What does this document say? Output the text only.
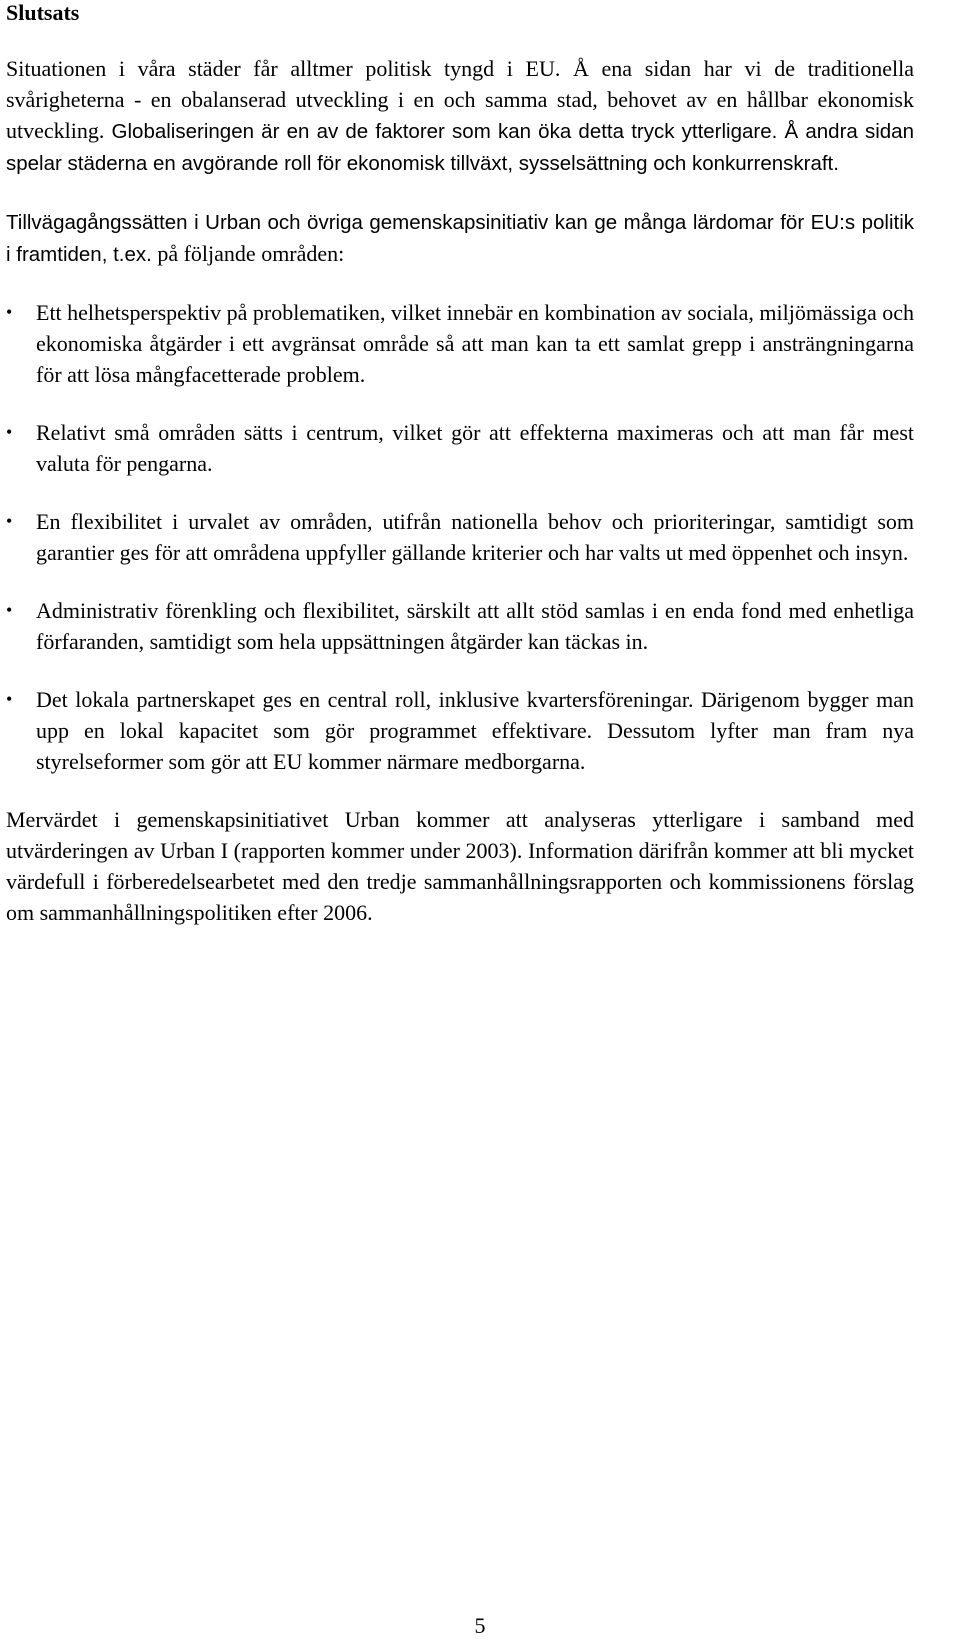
Slutsats

Situationen i våra städer får alltmer politisk tyngd i EU. Å ena sidan har vi de traditionella svårigheterna - en obalanserad utveckling i en och samma stad, behovet av en hållbar ekonomisk utveckling. Globaliseringen är en av de faktorer som kan öka detta tryck ytterligare. Å andra sidan spelar städerna en avgörande roll för ekonomisk tillväxt, sysselsättning och konkurrenskraft.

Tillvägagångssätten i Urban och övriga gemenskapsinitiativ kan ge många lärdomar för EU:s politik i framtiden, t.ex. på följande områden:

•	Ett helhetsperspektiv på problematiken, vilket innebär en kombination av sociala, miljömässiga och ekonomiska åtgärder i ett avgränsat område så att man kan ta ett samlat grepp i ansträngningarna för att lösa mångfacetterade problem.
•	Relativt små områden sätts i centrum, vilket gör att effekterna maximeras och att man får mest valuta för pengarna.
•	En flexibilitet i urvalet av områden, utifrån nationella behov och prioriteringar, samtidigt som garantier ges för att områdena uppfyller gällande kriterier och har valts ut med öppenhet och insyn.
•	Administrativ förenkling och flexibilitet, särskilt att allt stöd samlas i en enda fond med enhetliga förfaranden, samtidigt som hela uppsättningen åtgärder kan täckas in.
•	Det lokala partnerskapet ges en central roll, inklusive kvartersföreningar. Därigenom bygger man upp en lokal kapacitet som gör programmet effektivare. Dessutom lyfter man fram nya styrelseformer som gör att EU kommer närmare medborgarna.

Mervärdet i gemenskapsinitiativet Urban kommer att analyseras ytterligare i samband med utvärderingen av Urban I (rapporten kommer under 2003). Information därifrån kommer att bli mycket värdefull i förberedelsearbetet med den tredje sammanhållningsrapporten och kommissionens förslag om sammanhållningspolitiken efter 2006.

5
